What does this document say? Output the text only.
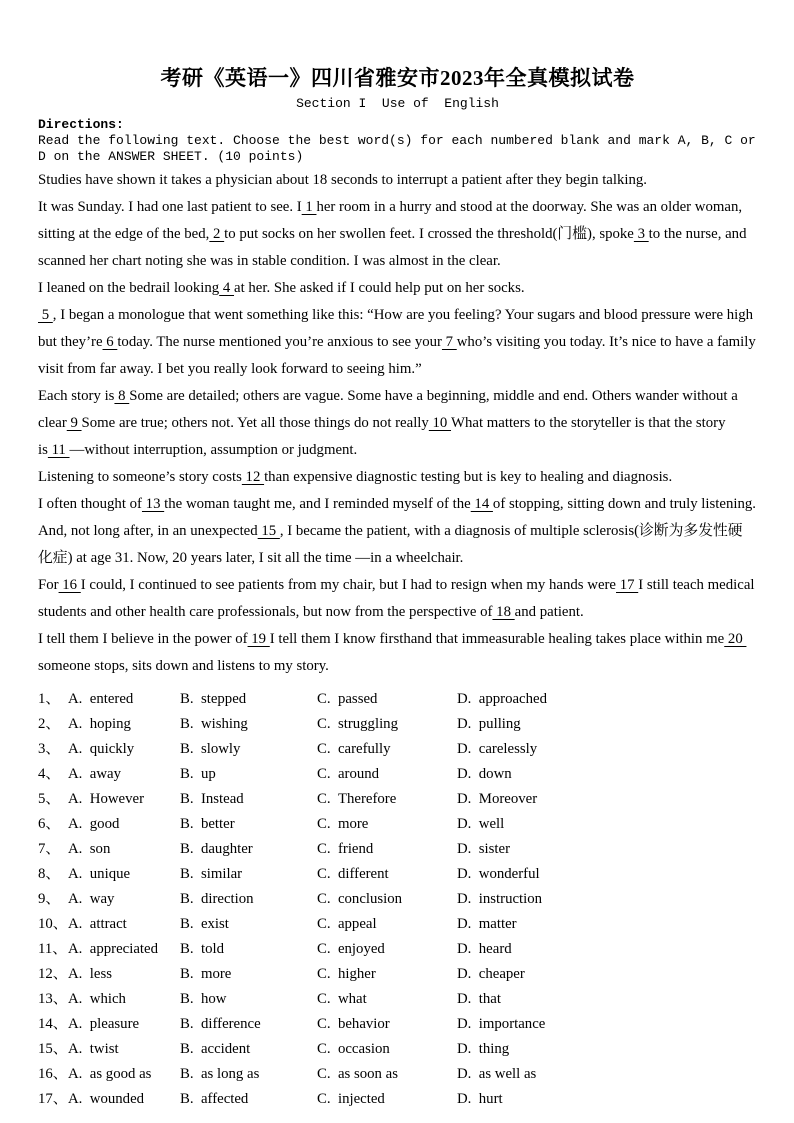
考研《英语一》四川省雅安市2023年全真模拟试卷
Section I  Use of  English
Directions:
Read the following text. Choose the best word(s) for each numbered blank and mark A, B, C or D on the ANSWER SHEET. (10 points)
Studies have shown it takes a physician about 18 seconds to interrupt a patient after they begin talking.
It was Sunday. I had one last patient to see. I 1 her room in a hurry and stood at the doorway. She was an older woman, sitting at the edge of the bed, 2 to put socks on her swollen feet. I crossed the threshold(门槛), spoke 3 to the nurse, and scanned her chart noting she was in stable condition. I was almost in the clear.
I leaned on the bedrail looking 4 at her. She asked if I could help put on her socks.
5 , I began a monologue that went something like this: “How are you feeling? Your sugars and blood pressure were high but they’re 6 today. The nurse mentioned you’re anxious to see your 7 who’s visiting you today. It’s nice to have a family visit from far away. I bet you really look forward to seeing him.”
Each story is 8 Some are detailed; others are vague. Some have a beginning, middle and end. Others wander without a clear 9 Some are true; others not. Yet all those things do not really 10 What matters to the storyteller is that the story is 11 —without interruption, assumption or judgment.
Listening to someone’s story costs 12 than expensive diagnostic testing but is key to healing and diagnosis.
I often thought of 13 the woman taught me, and I reminded myself of the 14 of stopping, sitting down and truly listening. And, not long after, in an unexpected 15 , I became the patient, with a diagnosis of multiple sclerosis(诊断为多发性硬化症) at age 31. Now, 20 years later, I sit all the time —in a wheelchair.
For 16 I could, I continued to see patients from my chair, but I had to resign when my hands were 17 I still teach medical students and other health care professionals, but now from the perspective of 18 and patient.
I tell them I believe in the power of 19 I tell them I know firsthand that immeasurable healing takes place within me 20  someone stops, sits down and listens to my story.
1、 A.  entered	B.  stepped	C.  passed	D.  approached
2、 A.  hoping	B.  wishing	C.  struggling	D.  pulling
3、 A.  quickly	B.  slowly	C.  carefully	D.  carelessly
4、 A.  away	B.  up	C.  around	D.  down
5、 A.  However	B.  Instead	C.  Therefore	D.  Moreover
6、 A.  good	B.  better	C.  more	D.  well
7、 A.  son	B.  daughter	C.  friend	D.  sister
8、 A.  unique	B.  similar	C.  different	D.  wonderful
9、 A.  way	B.  direction	C.  conclusion	D.  instruction
10、 A.  attract	B.  exist	C.  appeal	D.  matter
11、 A.  appreciated	B.  told	C.  enjoyed	D.  heard
12、 A.  less	B.  more	C.  higher	D.  cheaper
13、 A.  which	B.  how	C.  what	D.  that
14、 A.  pleasure	B.  difference	C.  behavior	D.  importance
15、 A.  twist	B.  accident	C.  occasion	D.  thing
16、 A.  as good as	B.  as long as	C.  as soon as	D.  as well as
17、 A.  wounded	B.  affected	C.  injected	D.  hurt
